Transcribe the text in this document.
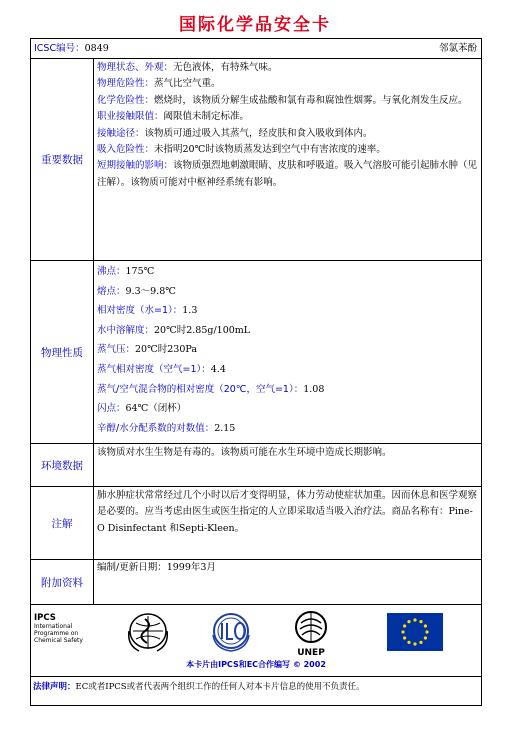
国际化学品安全卡
ICSC编号：0849	邻氯苯酚
重要数据

物理状态、外观：无色液体，有特殊气味。

物理危险性：蒸气比空气重。

化学危险性：燃烧时，该物质分解生成盐酸和氯有毒和腐蚀性烟雾。与氧化剂发生反应。

职业接触限值：阈限值未制定标准。

接触途径：该物质可通过吸入其蒸气，经皮肤和食入吸收到体内。

吸入危险性：未指明20℃时该物质蒸发达到空气中有害浓度的速率。

短期接触的影响：该物质强烈地刺激眼睛、皮肤和呼吸道。吸入气溶胶可能引起肺水肿（见注解）。该物质可能对中枢神经系统有影响。

物理性质

沸点：175℃

熔点：9.3～9.8℃

相对密度（水=1）：1.3

水中溶解度：20℃时2.85g/100mL

蒸气压：20℃时230Pa

蒸气相对密度（空气=1）：4.4

蒸气/空气混合物的相对密度（20℃，空气=1）：1.08

闪点：64℃（闭杯）

辛醇/水分配系数的对数值：2.15

环境数据

该物质对水生生物是有毒的。该物质可能在水生环境中造成长期影响。

注解

肺水肿症状常常经过几个小时以后才变得明显，体力劳动使症状加重。因而休息和医学观察是必要的。应当考虑由医生或医生指定的人立即采取适当吸入治疗法。商品名称有：Pine-O Disinfectant 和Septi-Kleen。

附加资料

编制/更新日期：1999年3月

IPCS
International
Programme on
Chemical Safety
UNEP
本卡片由IPCS和EC合作编写 © 2002
法律声明：EC或者IPCS或者代表两个组织工作的任何人对本卡片信息的使用不负责任。
